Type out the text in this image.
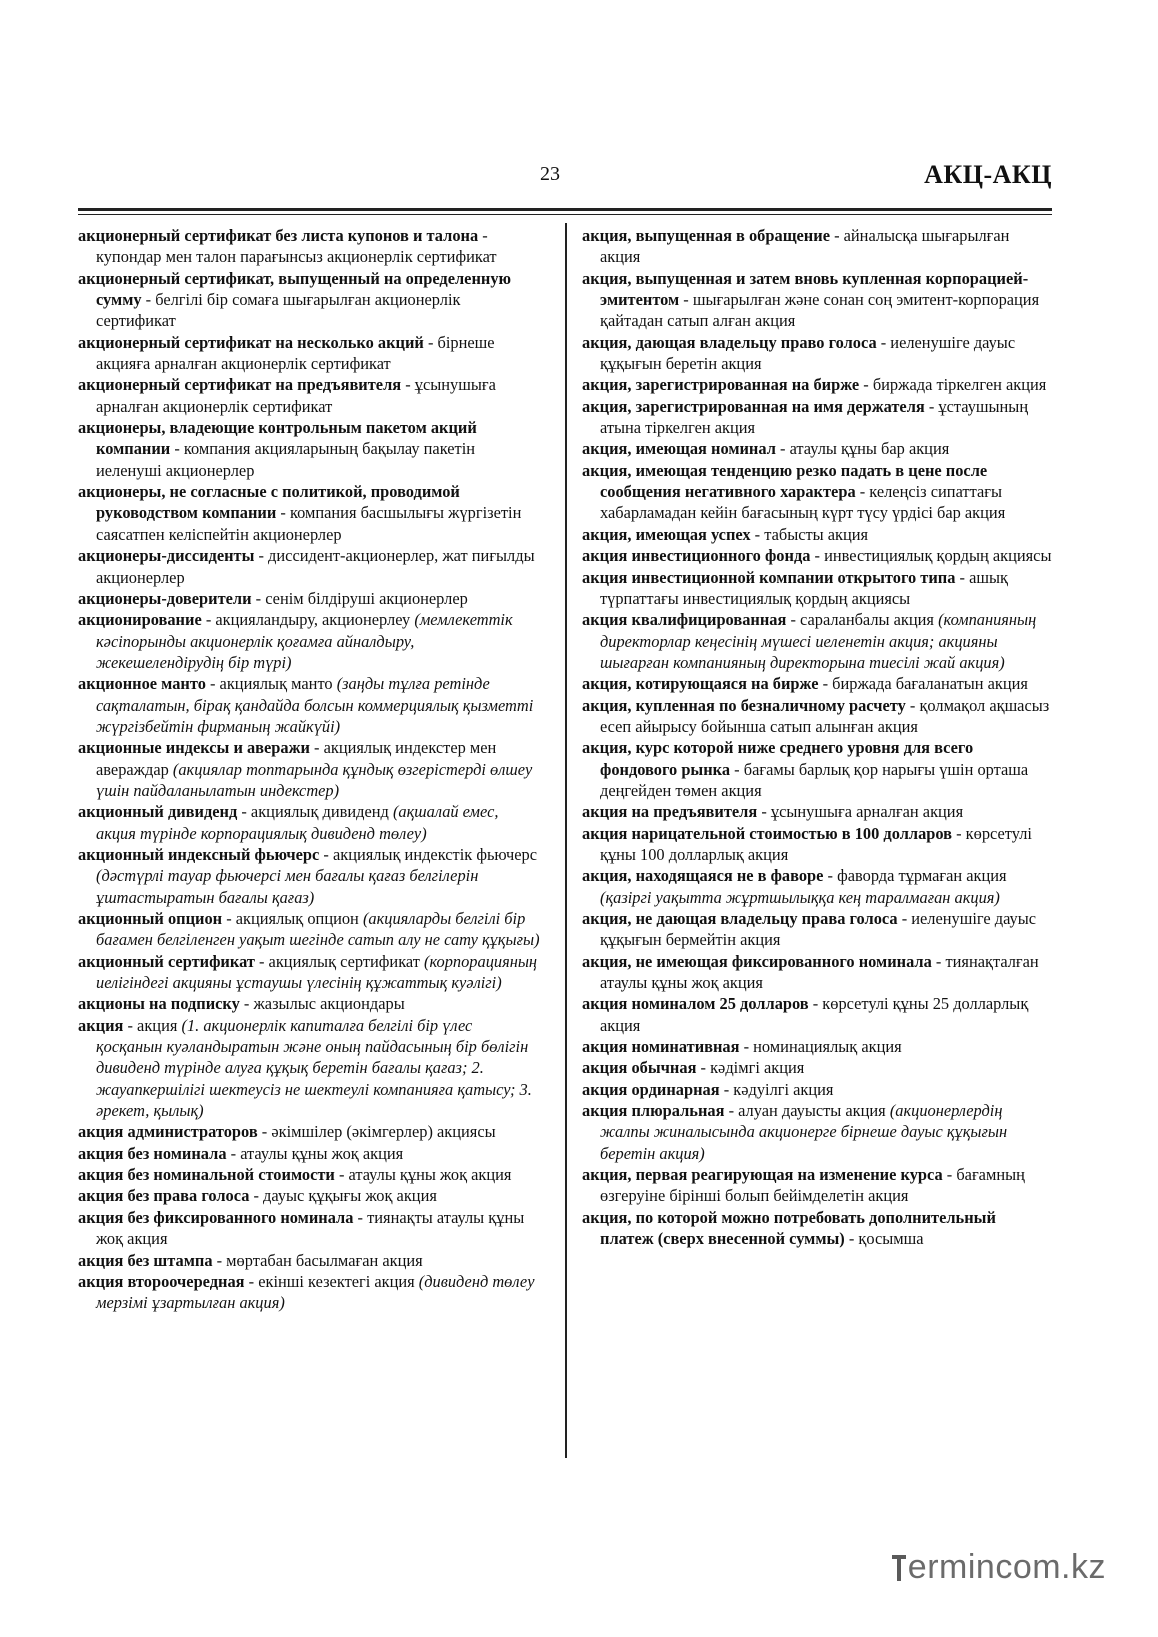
23	АКЦ-АКЦ

акционерный сертификат без листа купонов и талона - купондар мен талон парағынсыз акционерлік сертификат

акционерный сертификат, выпущенный на определенную сумму - белгілі бір сомаға шығарылған акционерлік сертификат

акционерный сертификат на несколько акций - бірнеше акцияға арналған акционерлік сертификат

акционерный сертификат на предъявителя - ұсынушыға арналған акционерлік сертификат

акционеры, владеющие контрольным пакетом акций компании - компания акцияларының бақылау пакетін иеленуші акционерлер

акционеры, не согласные с политикой, проводимой руководством компании - компания басшылығы жүргізетін саясатпен келіспейтін акционерлер

акционеры-диссиденты - диссидент-акционерлер, жат пиғылды акционерлер

акционеры-доверители - сенім білдіруші акционерлер

акционирование - акцияландыру, акционерлеу (мемлекеттік кәсіпорынды акционерлік қоғамға айналдыру, жекешелендірудің бір түрі)

акционное манто - акциялық манто (заңды тұлға ретінде сақталатын, бірақ қандайда болсын коммерциялық қызметті жүргізбейтін фирманың жайкүйі)

акционные индексы и авеpажи - акциялық индекстер мен авераждар (акциялар топтарында құндық өзгерістерді өлшеу үшін пайдаланылатын индекстер)

акционный дивиденд - акциялық дивиденд (ақшалай емес, акция түрінде корпорациялық дивиденд төлеу)

акционный индексный фьючерс - акциялық индекстік фьючерс (дәстүрлі тауар фьючерсі мен бағалы қағаз белгілерін ұштастыратын бағалы қағаз)

акционный опцион - акциялық опцион (акцияларды белгілі бір бағамен белгіленген уақыт шегінде сатып алу не сату құқығы)

акционный сертификат - акциялық сертификат (корпорацияның иелігіндегі акцияны ұстаушы үлесінің құжаттық куәлігі)

акционы на подписку - жазылыс акциондары

акция - акция (1. акционерлік капиталға белгілі бір үлес қосқанын куәландыратын және оның пайдасының бір бөлігін дивиденд түрінде алуға құқық беретін бағалы қағаз; 2. жауапкершілігі шектеусіз не шектеулі компанияға қатысу; 3. әрекет, қылық)

акция администраторов - әкімшілер (әкімгерлер) акциясы

акция без номинала - атаулы құны жоқ акция

акция без номинальной стоимости - атаулы құны жоқ акция

акция без права голоса - дауыс құқығы жоқ акция

акция без фиксированного номинала - тиянақты атаулы құны жоқ акция

акция без штампа - мөртабан басылмаған акция

акция второочередная - екінші кезектегі акция (дивиденд төлеу мерзімі ұзартылған акция)

акция, выпущенная в обращение - айналысқа шығарылған акция

акция, выпущенная и затем вновь купленная корпорацией-эмитентом - шығарылған және сонан соң эмитент-корпорация қайтадан сатып алған акция

акция, дающая владельцу право голоса - иеленушіге дауыс құқығын беретін акция

акция, зарегистрированная на бирже - биржада тіркелген акция

акция, зарегистрированная на имя держателя - ұстаушының атына тіркелген акция

акция, имеющая номинал - атаулы құны бар акция

акция, имеющая тенденцию резко падать в цене после сообщения негативного характера - келеңсіз сипаттағы хабарламадан кейін бағасының күрт түсу үрдісі бар акция

акция, имеющая успех - табысты акция

акция инвестиционного фонда - инвестициялық қордың акциясы

акция инвестиционной компании открытого типа - ашық түрпаттағы инвестициялық қордың акциясы

акция квалифицированная - сараланбалы акция (компанияның директорлар кеңесінің мүшесі иеленетін акция; акцияны шығарған компанияның директорына тиесілі жай акция)

акция, котирующаяся на бирже - биржада бағаланатын акция

акция, купленная по безналичному расчету - қолмақол ақшасыз есеп айырысу бойынша сатып алынған акция

акция, курс которой ниже среднего уровня для всего фондового рынка - бағамы барлық қор нарығы үшін орташа деңгейден төмен акция

акция на предъявителя - ұсынушыға арналған акция

акция нарицательной стоимостью в 100 долларов - көрсетулі құны 100 долларлық акция

акция, находящаяся не в фаворе - фаворда тұрмаған акция (қазіргі уақытта жұртшылыққа кең таралмаған акция)

акция, не дающая владельцу права голоса - иеленушіге дауыс құқығын бермейтін акция

акция, не имеющая фиксированного номинала - тиянақталған атаулы құны жоқ акция

акция номиналом 25 долларов - көрсетулі құны 25 долларлық акция

акция номинативная - номинациялық акция

акция обычная - кәдімгі акция

акция ординарная - кәдуілгі акция

акция плюральная - алуан дауысты акция (акционерлердің жалпы жиналысында акционерге бірнеше дауыс құқығын беретін акция)

акция, первая реагирующая на изменение курса - бағамның өзгеруіне бірінші болып бейімделетін акция

акция, по которой можно потребовать дополнительный платеж (сверх внесенной суммы) - қосымша

ermincom.kz
